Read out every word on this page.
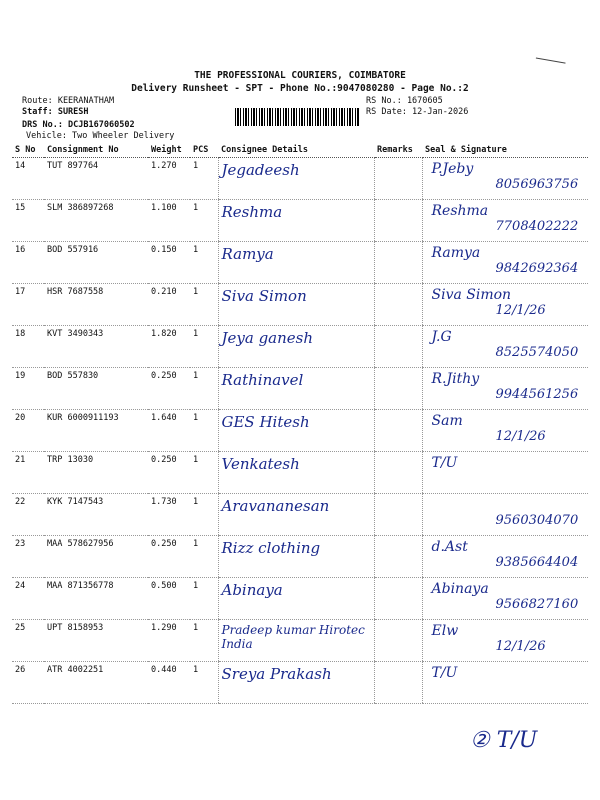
THE PROFESSIONAL COURIERS, COIMBATORE
Delivery Runsheet - SPT - Phone No.:9047080280 - Page No.:2
Route: KEERANATHAM
Staff: SURESH
DRS No.: DCJB167060502
Vehicle: Two Wheeler Delivery
RS No.: 1670605
RS Date: 12-Jan-2026
S No	Consignment No	Weight	PCS	Consignee Details	Remarks	Seal & Signature
14	TUT 897764	1.270	1	Jegadeesh		P.Jeby
8056963756

15	SLM 386897268	1.100	1	Reshma		Reshma
7708402222

16	BOD 557916	0.150	1	Ramya		Ramya
9842692364

17	HSR 7687558	0.210	1	Siva Simon		Siva Simon
12/1/26

18	KVT 3490343	1.820	1	Jeya ganesh		J.G
8525574050

19	BOD 557830	0.250	1	Rathinavel		R.Jithy
9944561256

20	KUR 6000911193	1.640	1	GES Hitesh		Sam
12/1/26

21	TRP 13030	0.250	1	Venkatesh		T/U

22	KYK 7147543	1.730	1	Aravananesan		9560304070

23	MAA 578627956	0.250	1	Rizz clothing		d.Ast
9385664404

24	MAA 871356778	0.500	1	Abinaya		Abinaya
9566827160

25	UPT 8158953	1.290	1	Pradeep kumar Hirotec India		Elw
12/1/26

26	ATR 4002251	0.440	1	Sreya Prakash		T/U
② T/U
